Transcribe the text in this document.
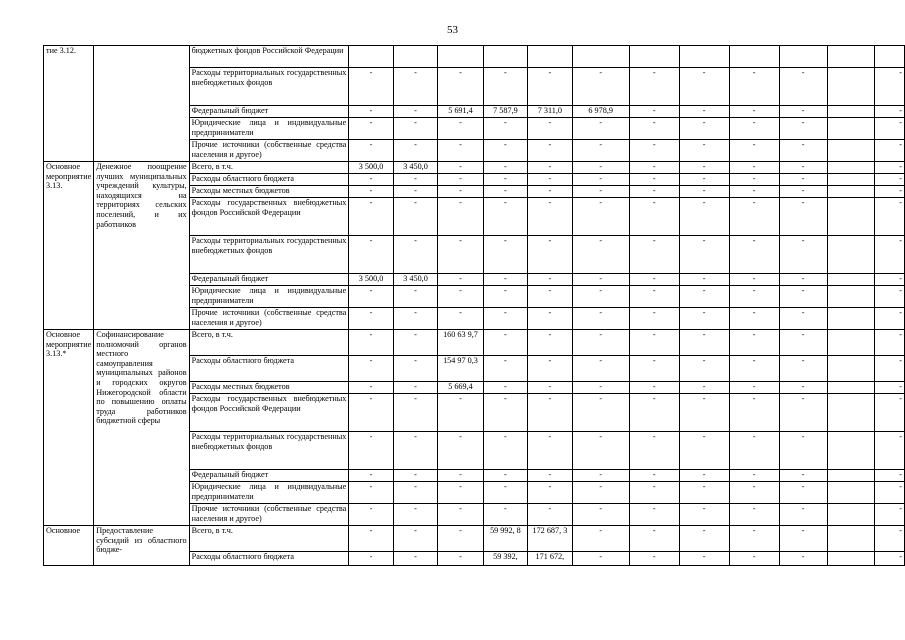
53
тие 3.12.		бюджетных фондов Российской Федерации												
		Расходы территориальных государственных внебюджетных фондов	-	-	-	-	-	-	-	-	-	-		-
		Федеральный бюджет	-	-	5 691,4	7 587,9	7 311,0	6 978,9	-	-	-	-		-
		Юридические лица и индивидуальные предприниматели	-	-	-	-	-	-	-	-	-	-		-
		Прочие источники (собственные средства населения и другое)	-	-	-	-	-	-	-	-	-	-		-
Основное мероприятие 3.13.	Денежное поощрение лучших муниципальных учреждений культуры, находящихся на территориях сельских поселений, и их работников	Всего, в т.ч.	3 500,0	3 450,0	-	-	-	-	-	-	-	-		-
		Расходы областного бюджета	-	-	-	-	-	-	-	-	-	-		-
		Расходы местных бюджетов	-	-	-	-	-	-	-	-	-	-		-
		Расходы государственных внебюджетных фондов Российской Федерации	-	-	-	-	-	-	-	-	-	-		-
		Расходы территориальных государственных внебюджетных фондов	-	-	-	-	-	-	-	-	-	-		-
		Федеральный бюджет	3 500,0	3 450,0	-	-	-	-	-	-	-	-		-
		Юридические лица и индивидуальные предприниматели	-	-	-	-	-	-	-	-	-	-		-
		Прочие источники (собственные средства населения и другое)	-	-	-	-	-	-	-	-	-	-		-
Основное мероприятие 3.13.*	Софинансирование полномочий органов местного самоуправления муниципальных районов и городских округов Нижегородской области по повышению оплаты труда работников бюджетной сферы	Всего, в т.ч.	-	-	160 63 9,7	-	-	-	-	-	-	-		-
		Расходы областного бюджета	-	-	154 97 0,3	-	-	-	-	-	-	-		-
		Расходы местных бюджетов	-	-	5 669,4	-	-	-	-	-	-	-		-
		Расходы государственных внебюджетных фондов Российской Федерации	-	-	-	-	-	-	-	-	-	-		-
		Расходы территориальных государственных внебюджетных фондов	-	-	-	-	-	-	-	-	-	-		-
		Федеральный бюджет	-	-	-	-	-	-	-	-	-	-		-
		Юридические лица и индивидуальные предприниматели	-	-	-	-	-	-	-	-	-	-		-
		Прочие источники (собственные средства населения и другое)	-	-	-	-	-	-	-	-	-	-		-
Основное	Предоставление субсидий из областного бюдже-	Всего, в т.ч.	-	-	-	59 992, 8	172 687, 3	-	-	-	-	-		-
		Расходы областного бюджета	-	-	-	59 392,	171 672,	-	-	-	-	-		-
